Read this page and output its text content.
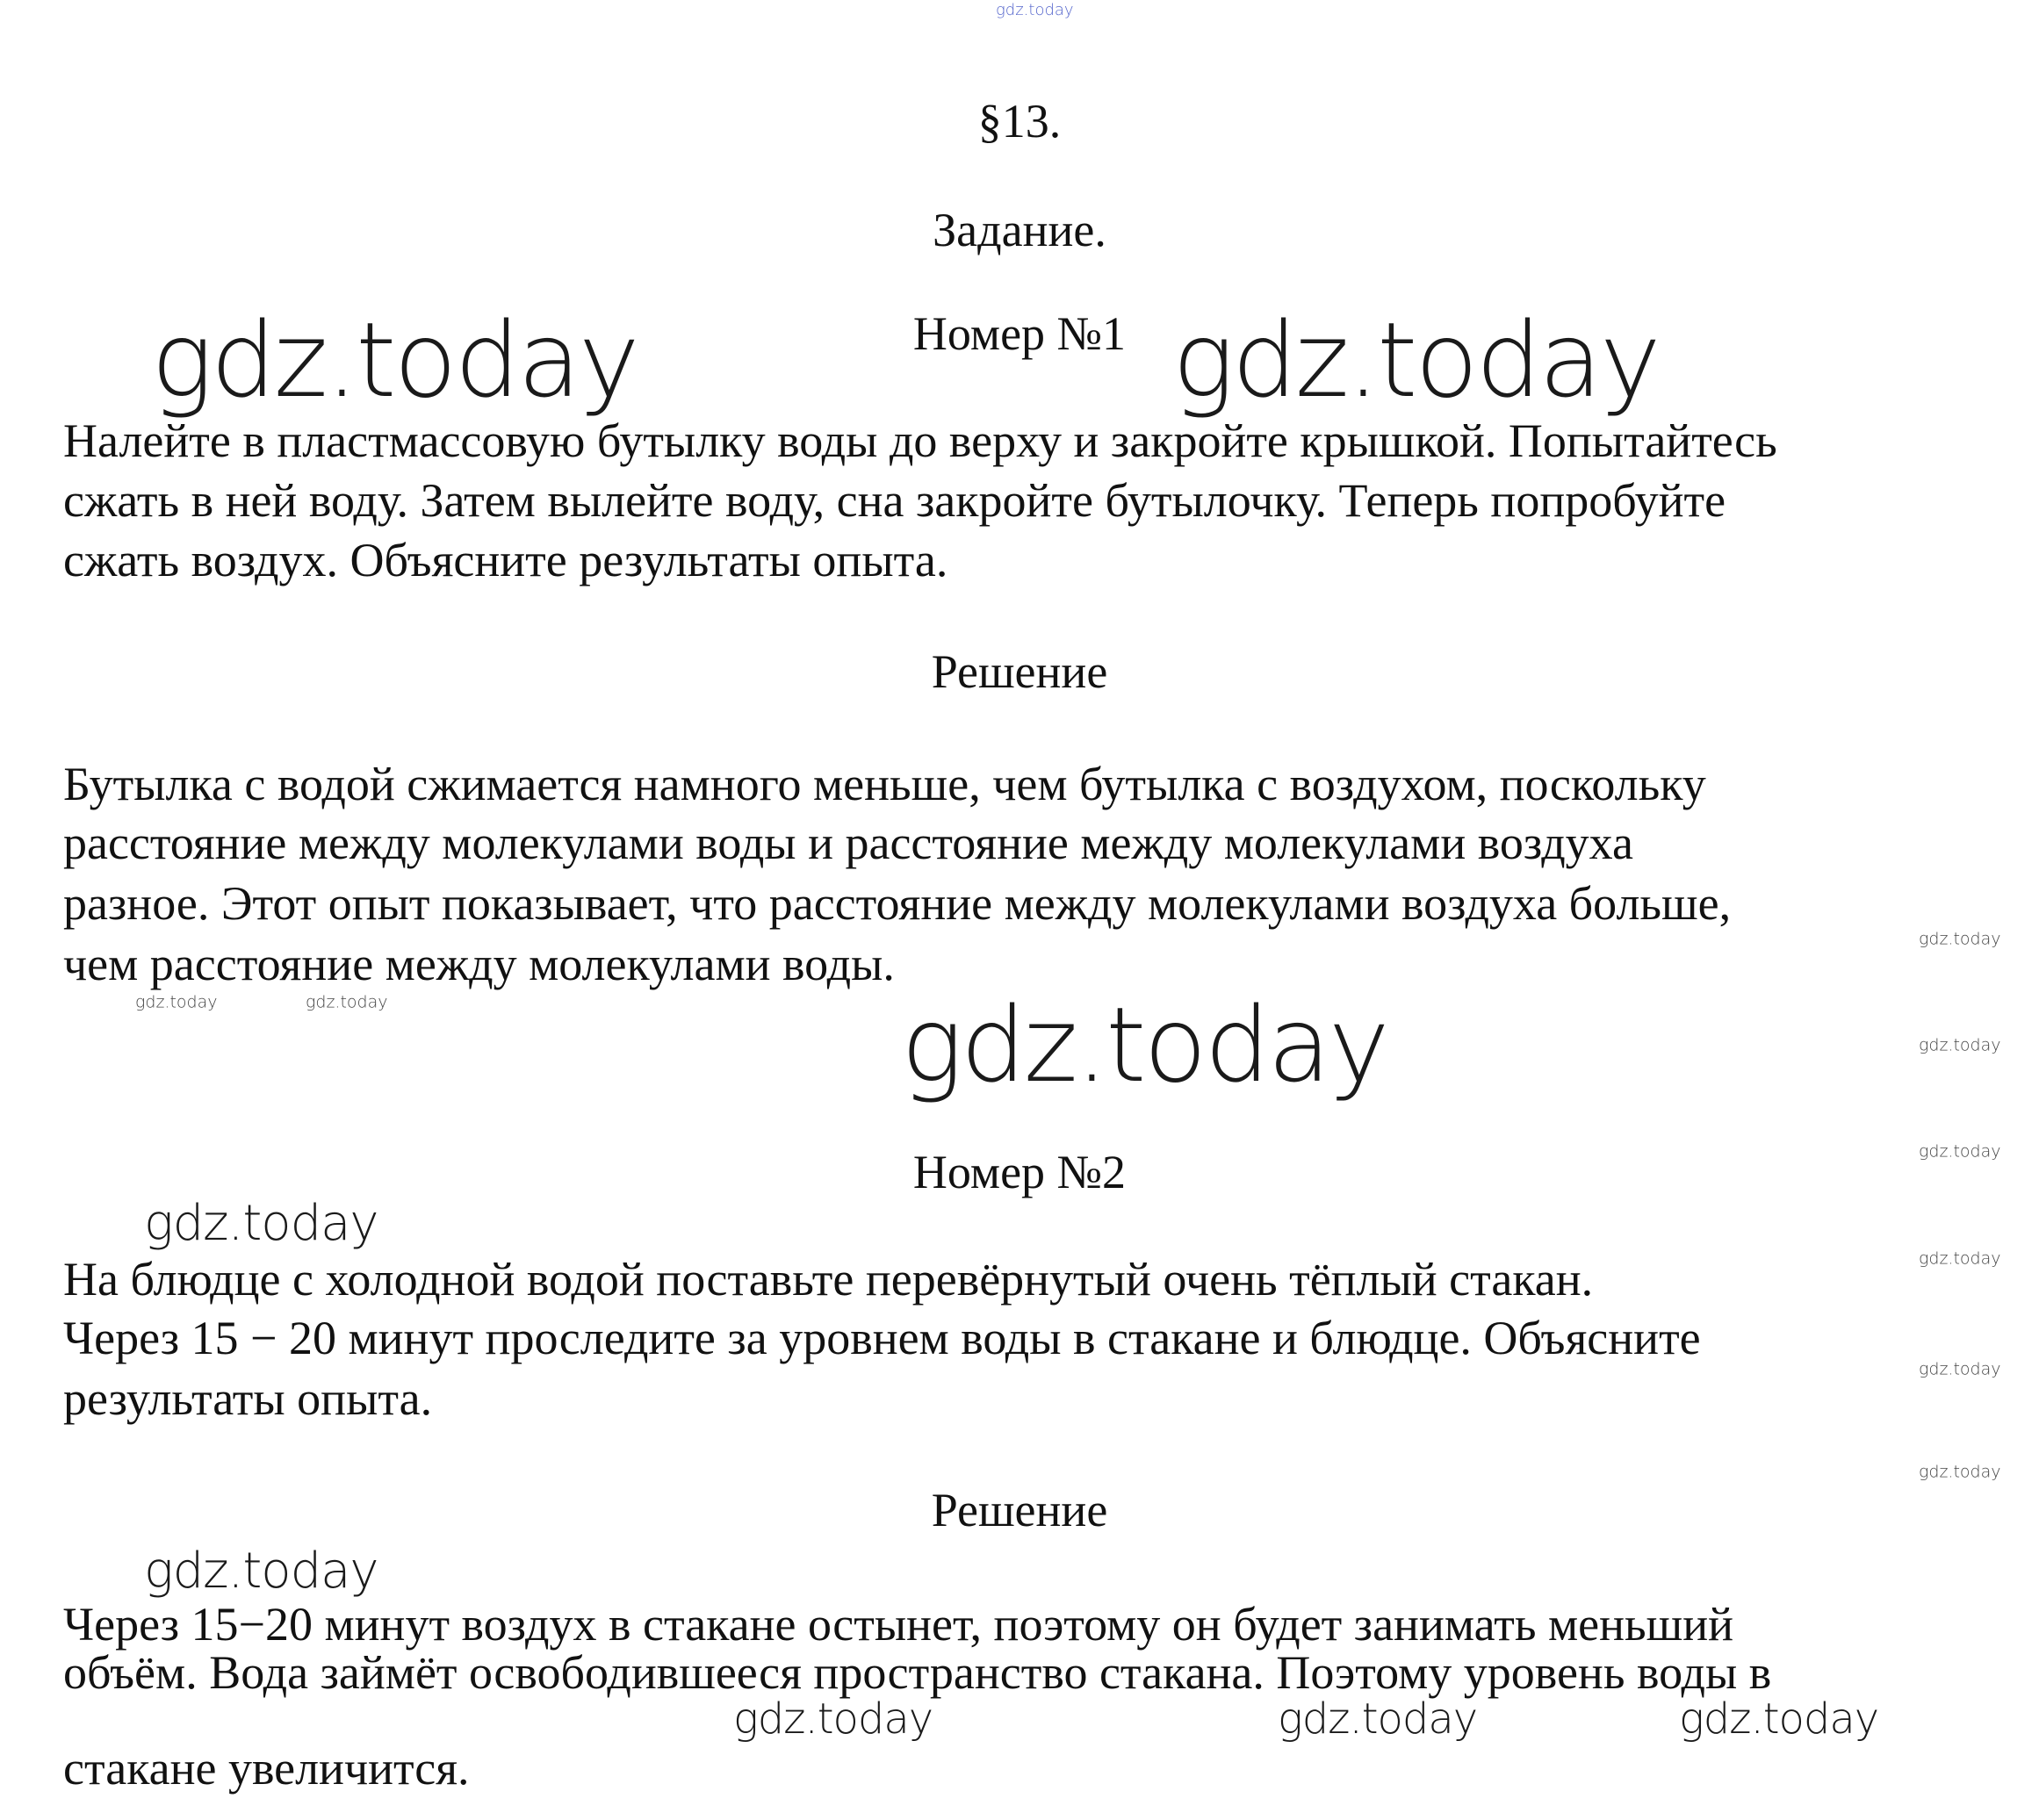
gdz.today
gdz.today	gdz.today
gdz.today
gdz.today	gdz.today
gdz.today
gdz.today
gdz.today
gdz.today
gdz.today
gdz.today
gdz.today
gdz.today
gdz.today	gdz.today	gdz.today
§13.
Задание.
Номер №1
Налейте в пластмассовую бутылку воды до верху и закройте крышкой. Попытайтесь
сжать в ней воду. Затем вылейте воду, сна закройте бутылочку. Теперь попробуйте
сжать воздух. Объясните результаты опыта.
Решение
Бутылка с водой сжимается намного меньше, чем бутылка с воздухом, поскольку
расстояние между молекулами воды и расстояние между молекулами воздуха
разное. Этот опыт показывает, что расстояние между молекулами воздуха больше,
чем расстояние между молекулами воды.
Номер №2
На блюдце с холодной водой поставьте перевёрнутый очень тёплый стакан.
Через 15 − 20 минут проследите за уровнем воды в стакане и блюдце. Объясните
результаты опыта.
Решение
Через 15−20 минут воздух в стакане остынет, поэтому он будет занимать меньший
объём. Вода займёт освободившееся пространство стакана. Поэтому уровень воды в
стакане увеличится.
